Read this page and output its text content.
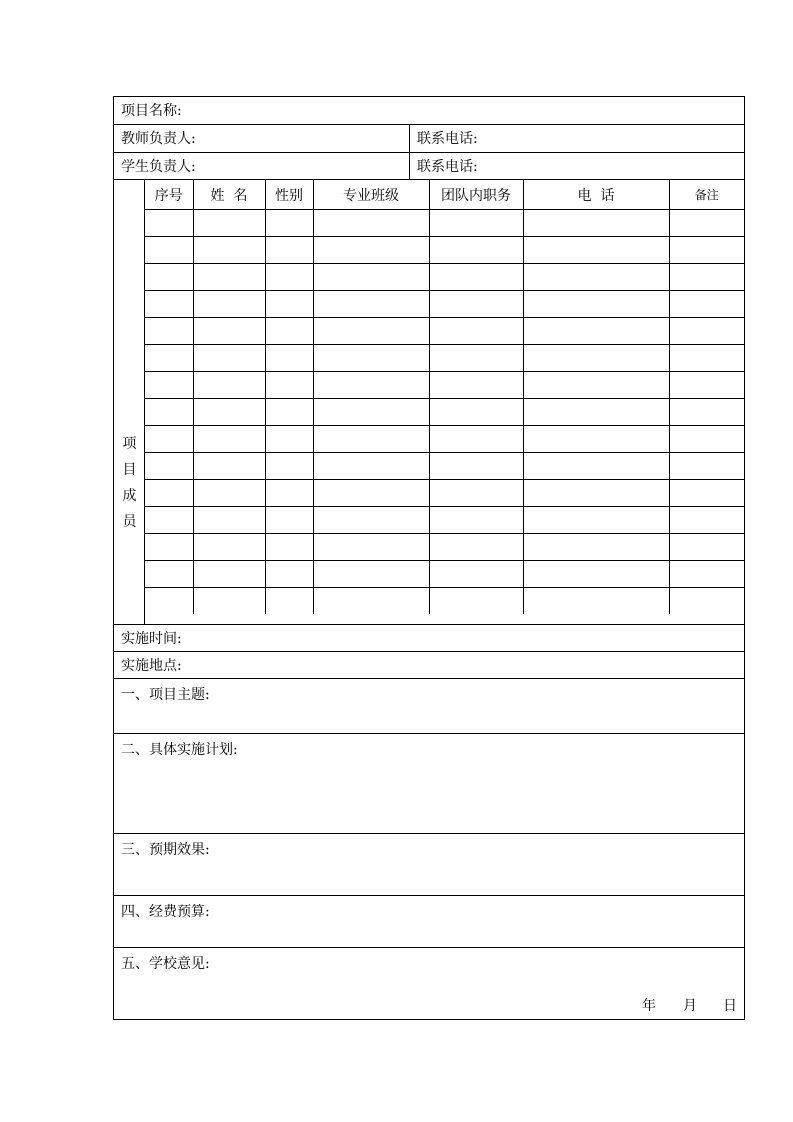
项目名称:
教师负责人:	联系电话:
学生负责人:	联系电话:
项
目
成
员
序号	姓  名	性别	专业班级	团队内职务	电  话	备注

实施时间:
实施地点:
一、项目主题:
二、具体实施计划:
三、预期效果:
四、经费预算:
五、学校意见:
年 月 日
